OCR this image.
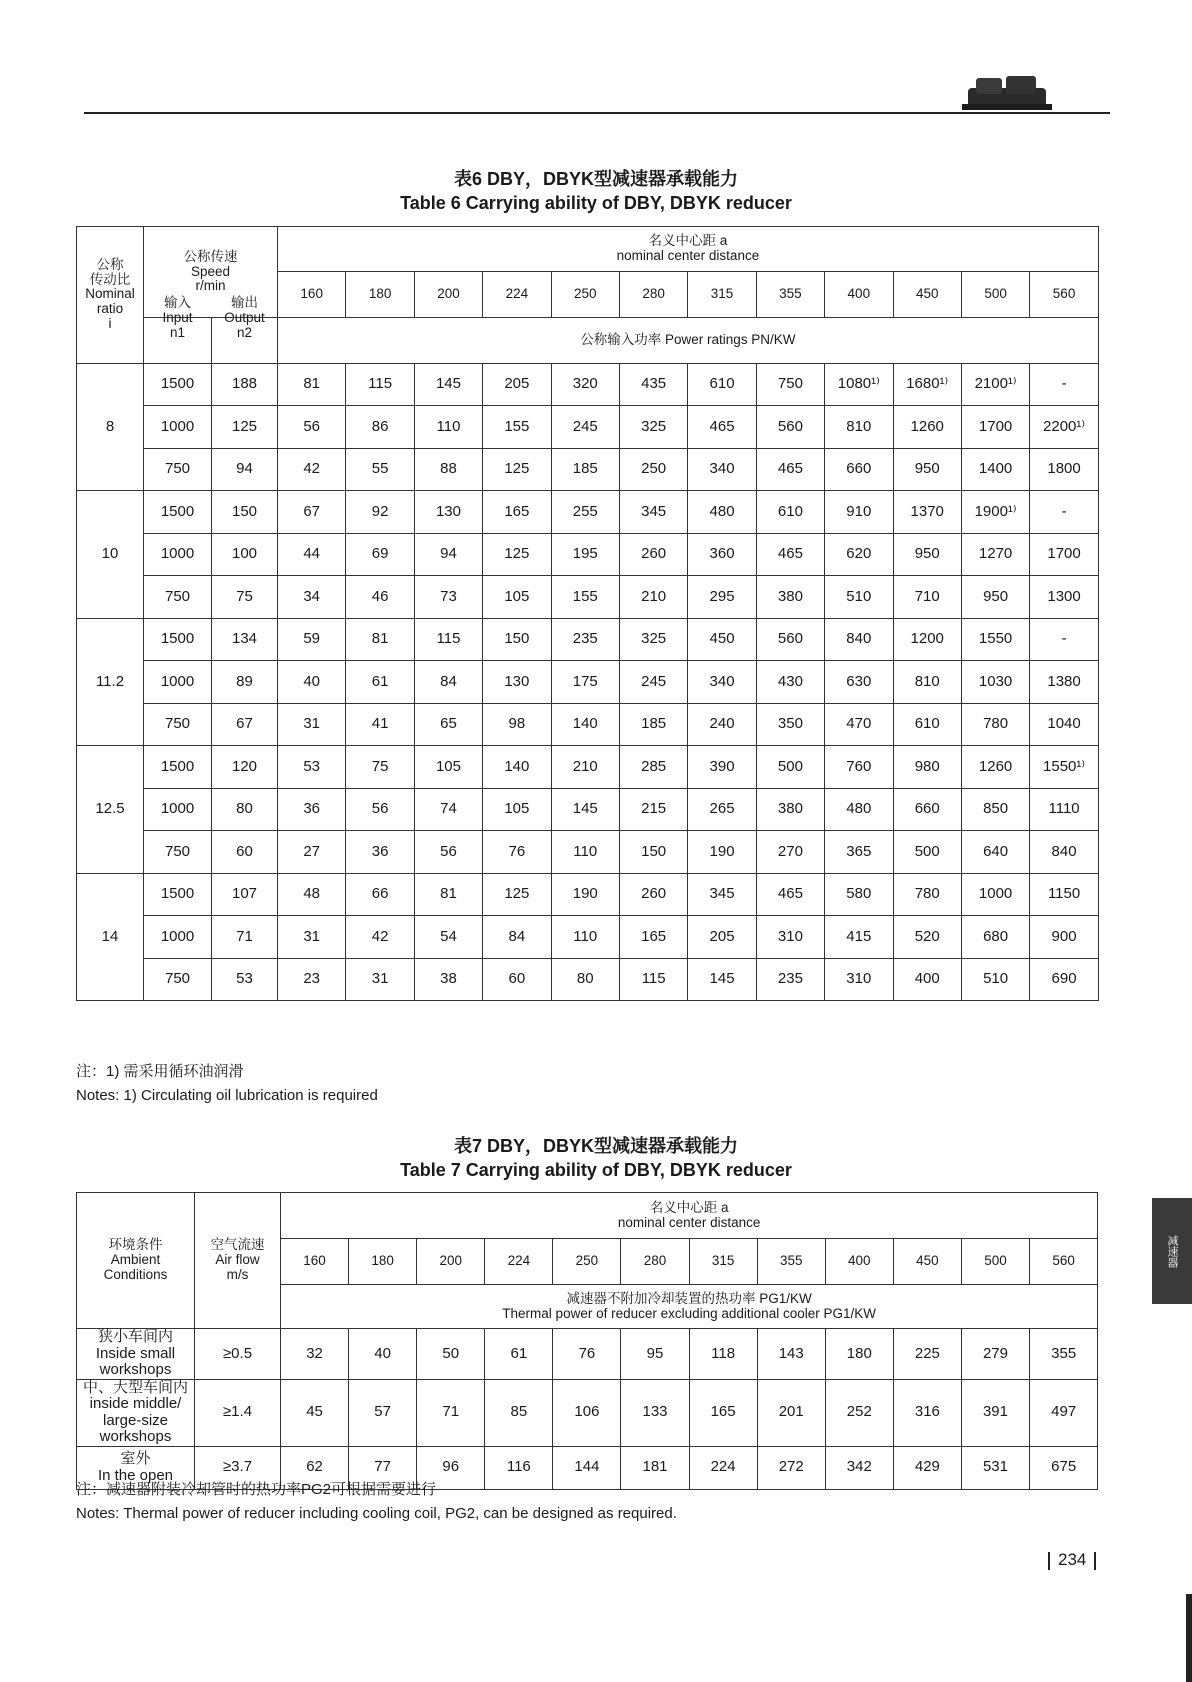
减速器
表6 DBY，DBYK型减速器承载能力
Table 6 Carrying ability of DBY, DBYK reducer
公称
传动比
Nominal
ratio
i	公称传速
Speed
r/min		名义中心距 a
nominal center distance											
			160	180	200	224	250	280	315	355	400	450	500	560
	输入
Input
n1	输出
Output
n2	公称输入功率 Power ratings PN/KW											
8	1500	188	81	115	145	205	320	435	610	750	1080¹⁾	1680¹⁾	2100¹⁾	-
	1000	125	56	86	110	155	245	325	465	560	810	1260	1700	2200¹⁾
	750	94	42	55	88	125	185	250	340	465	660	950	1400	1800
10	1500	150	67	92	130	165	255	345	480	610	910	1370	1900¹⁾	-
	1000	100	44	69	94	125	195	260	360	465	620	950	1270	1700
	750	75	34	46	73	105	155	210	295	380	510	710	950	1300
11.2	1500	134	59	81	115	150	235	325	450	560	840	1200	1550	-
	1000	89	40	61	84	130	175	245	340	430	630	810	1030	1380
	750	67	31	41	65	98	140	185	240	350	470	610	780	1040
12.5	1500	120	53	75	105	140	210	285	390	500	760	980	1260	1550¹⁾
	1000	80	36	56	74	105	145	215	265	380	480	660	850	1110
	750	60	27	36	56	76	110	150	190	270	365	500	640	840
14	1500	107	48	66	81	125	190	260	345	465	580	780	1000	1150
	1000	71	31	42	54	84	110	165	205	310	415	520	680	900
	750	53	23	31	38	60	80	115	145	235	310	400	510	690
注：1) 需采用循环油润滑
Notes: 1) Circulating oil lubrication is required
表7 DBY，DBYK型减速器承载能力
Table 7 Carrying ability of DBY, DBYK reducer
环境条件
Ambient
Conditions	空气流速
Air flow
m/s	名义中心距 a
nominal center distance											
		160	180	200	224	250	280	315	355	400	450	500	560
		减速器不附加冷却装置的热功率 PG1/KW
Thermal power of reducer excluding additional cooler PG1/KW											
狭小车间内
Inside small
workshops	≥0.5	32	40	50	61	76	95	118	143	180	225	279	355
中、大型车间内
inside middle/
large-size
workshops	≥1.4	45	57	71	85	106	133	165	201	252	316	391	497
室外
In the open	≥3.7	62	77	96	116	144	181	224	272	342	429	531	675
注：减速器附装冷却管时的热功率PG2可根据需要进行
Notes: Thermal power of reducer including cooling coil, PG2, can be designed as required.
234
